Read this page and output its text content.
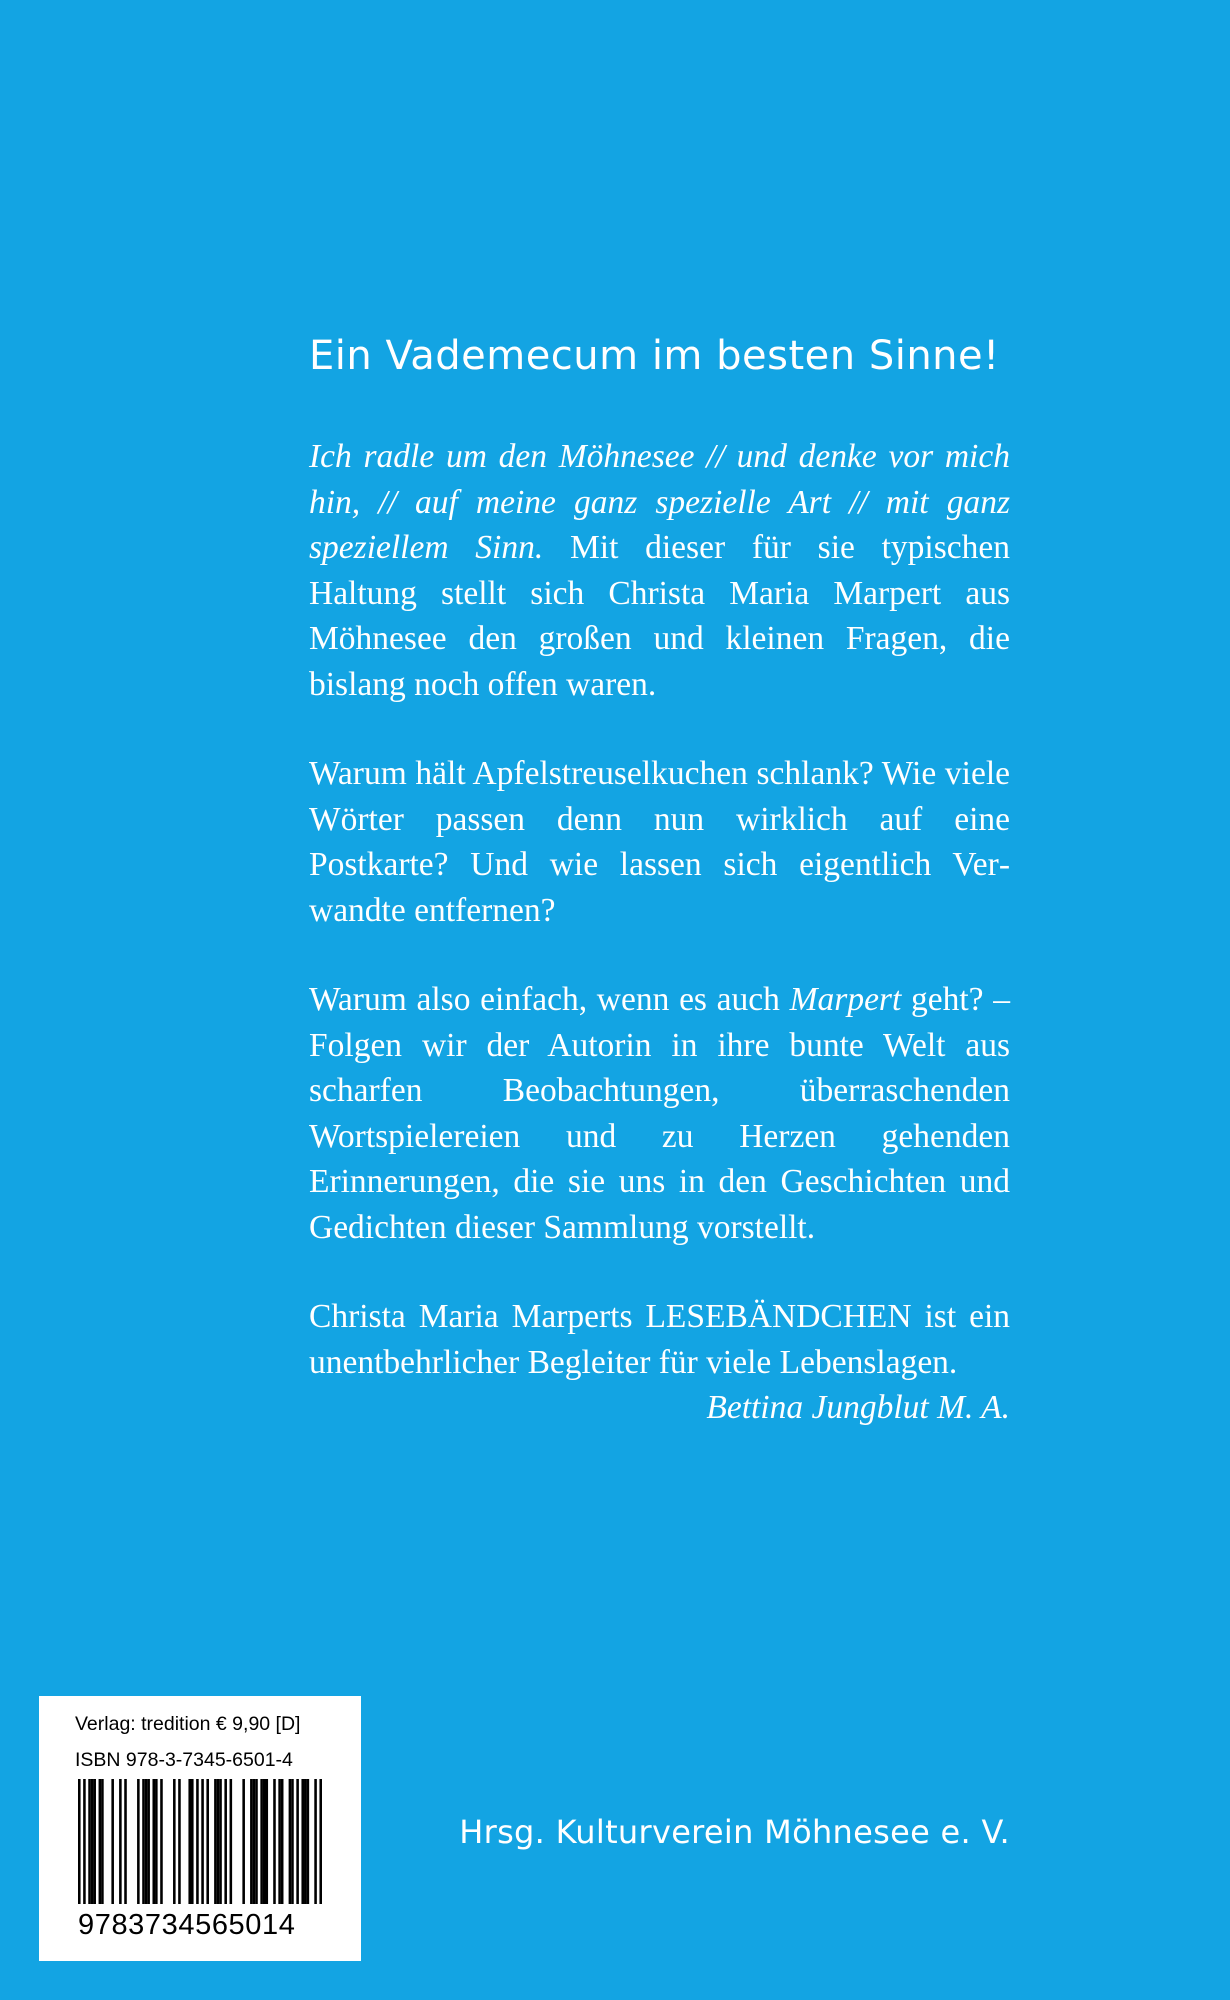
Ein Vademecum im besten Sinne!

Ich radle um den Möhnesee // und denke vor mich hin, // auf meine ganz spezielle Art // mit ganz speziellem Sinn. Mit dieser für sie typischen Haltung stellt sich Christa Maria Marpert aus Möhnesee den großen und kleinen Fragen, die bislang noch offen waren.

Warum hält Apfelstreuselkuchen schlank? Wie viele Wörter passen denn nun wirklich auf eine Postkarte? Und wie lassen sich eigentlich Verwandte entfernen?

Warum also einfach, wenn es auch Marpert geht? – Folgen wir der Autorin in ihre bunte Welt aus scharfen Beobachtungen, überraschenden Wortspielereien und zu Herzen gehenden Erinnerungen, die sie uns in den Geschichten und Gedichten dieser Sammlung vorstellt.

Christa Maria Marperts LESEBÄNDCHEN ist ein unentbehrlicher Begleiter für viele Lebenslagen.

Bettina Jungblut M. A.
Verlag: tredition € 9,90 [D]
ISBN 978-3-7345-6501-4
9783734565014
Hrsg. Kulturverein Möhnesee e. V.
